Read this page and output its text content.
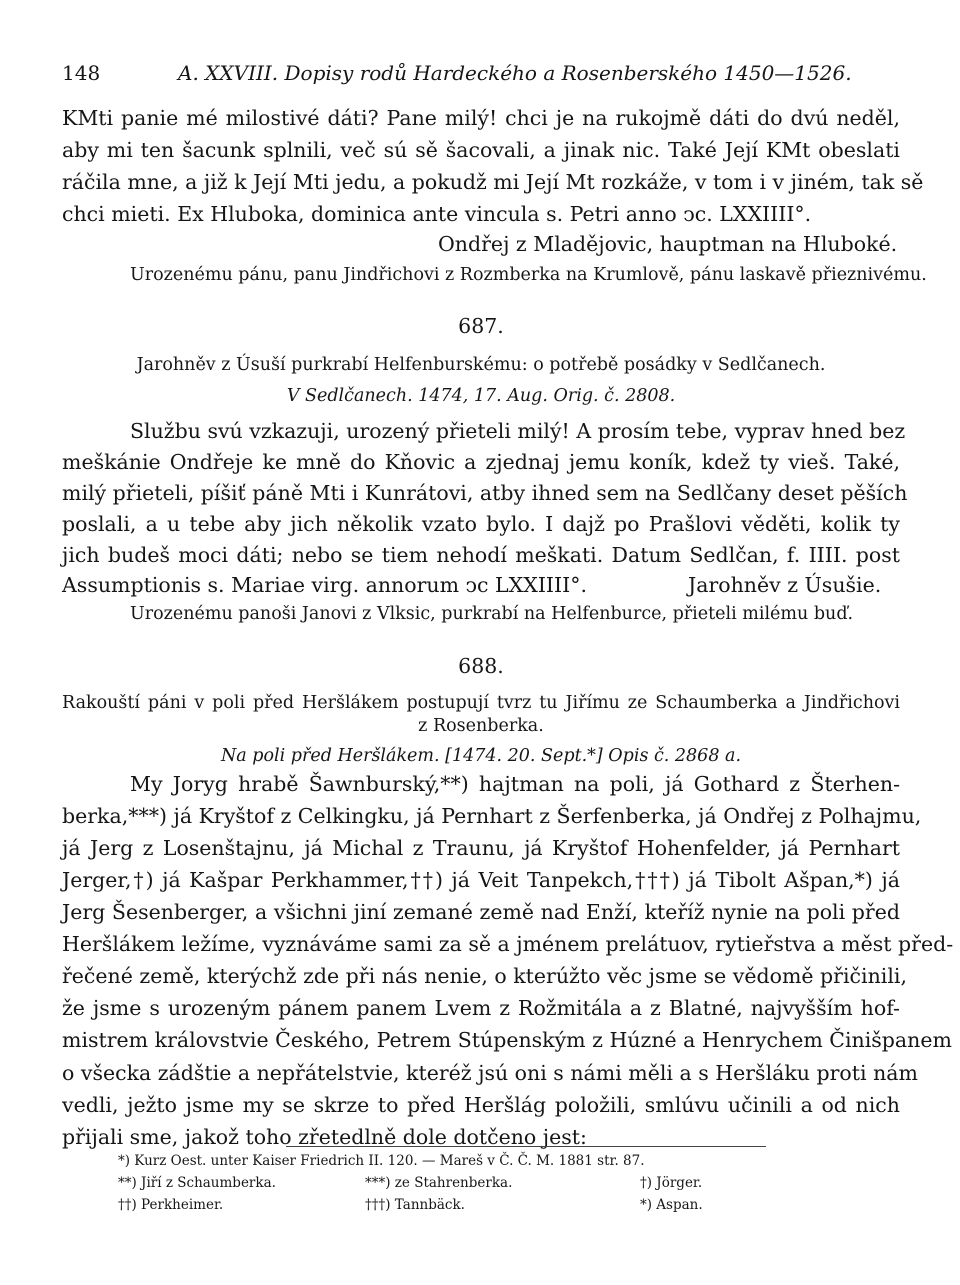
148	A. XXVIII. Dopisy rodů Hardeckého a Rosenberského 1450—1526.
KMti panie mé milostivé dáti? Pane milý! chci je na rukojmě dáti do dvú neděl,
aby mi ten šacunk splnili, več sú sě šacovali, a jinak nic. Také Její KMt obeslati
ráčila mne, a již k Její Mti jedu, a pokudž mi Její Mt rozkáže, v tom i v jiném, tak sě
chci mieti. Ex Hluboka, dominica ante vincula s. Petri anno ↄc. LXXIIII°.
Ondřej z Mladějovic, hauptman na Hluboké.
Urozenému pánu, panu Jindřichovi z Rozmberka na Krumlově, pánu laskavě přieznivému.
687.
Jarohněv z Úsuší purkrabí Helfenburskému: o potřebě posádky v Sedlčanech.
V Sedlčanech. 1474, 17. Aug. Orig. č. 2808.
Službu svú vzkazuji, urozený přieteli milý! A prosím tebe, vyprav hned bez
meškánie Ondřeje ke mně do Kňovic a zjednaj jemu koník, kdež ty vieš. Také,
milý přieteli, píšiť páně Mti i Kunrátovi, atby ihned sem na Sedlčany deset pěších
poslali, a u tebe aby jich několik vzato bylo. I dajž po Prašlovi věděti, kolik ty
jich budeš moci dáti; nebo se tiem nehodí meškati. Datum Sedlčan, f. IIII. post
Assumptionis s. Mariae virg. annorum ↄc LXXIIII°.	Jarohněv z Úsušie.
Urozenému panoši Janovi z Vlksic, purkrabí na Helfenburce, přieteli milému buď.
688.
Rakouští páni v poli před Heršlákem postupují tvrz tu Jiřímu ze Schaumberka a Jindřichovi
z Rosenberka.
Na poli před Heršlákem. [1474. 20. Sept.*] Opis č. 2868 a.
My Joryg hrabě Šawnburský,**) hajtman na poli, já Gothard z Šterhen-
berka,***) já Kryštof z Celkingku, já Pernhart z Šerfenberka, já Ondřej z Polhajmu,
já Jerg z Losenštajnu, já Michal z Traunu, já Kryštof Hohenfelder, já Pernhart
Jerger,†) já Kašpar Perkhammer,††) já Veit Tanpekch,†††) já Tibolt Ašpan,*) já
Jerg Šesenberger, a všichni jiní zemané země nad Enží, kteříž nynie na poli před
Heršlákem ležíme, vyznáváme sami za sě a jménem prelátuov, rytieřstva a měst před-
řečené země, kterýchž zde při nás nenie, o kterúžto věc jsme se vědomě přičinili,
že jsme s urozeným pánem panem Lvem z Rožmitála a z Blatné, najvyšším hof-
mistrem královstvie Českého, Petrem Stúpenským z Húzné a Henrychem Činišpanem
o všecka zádštie a nepřátelstvie, kteréž jsú oni s námi měli a s Heršláku proti nám
vedli, ježto jsme my se skrze to před Heršlág položili, smlúvu učinili a od nich
přijali sme, jakož toho zřetedlně dole dotčeno jest:
*) Kurz Oest. unter Kaiser Friedrich II. 120. — Mareš v Č. Č. M. 1881 str. 87.
**) Jiří z Schaumberka.	***) ze Stahrenberka.	†) Jörger.
††) Perkheimer.	†††) Tannbäck.	*) Aspan.
